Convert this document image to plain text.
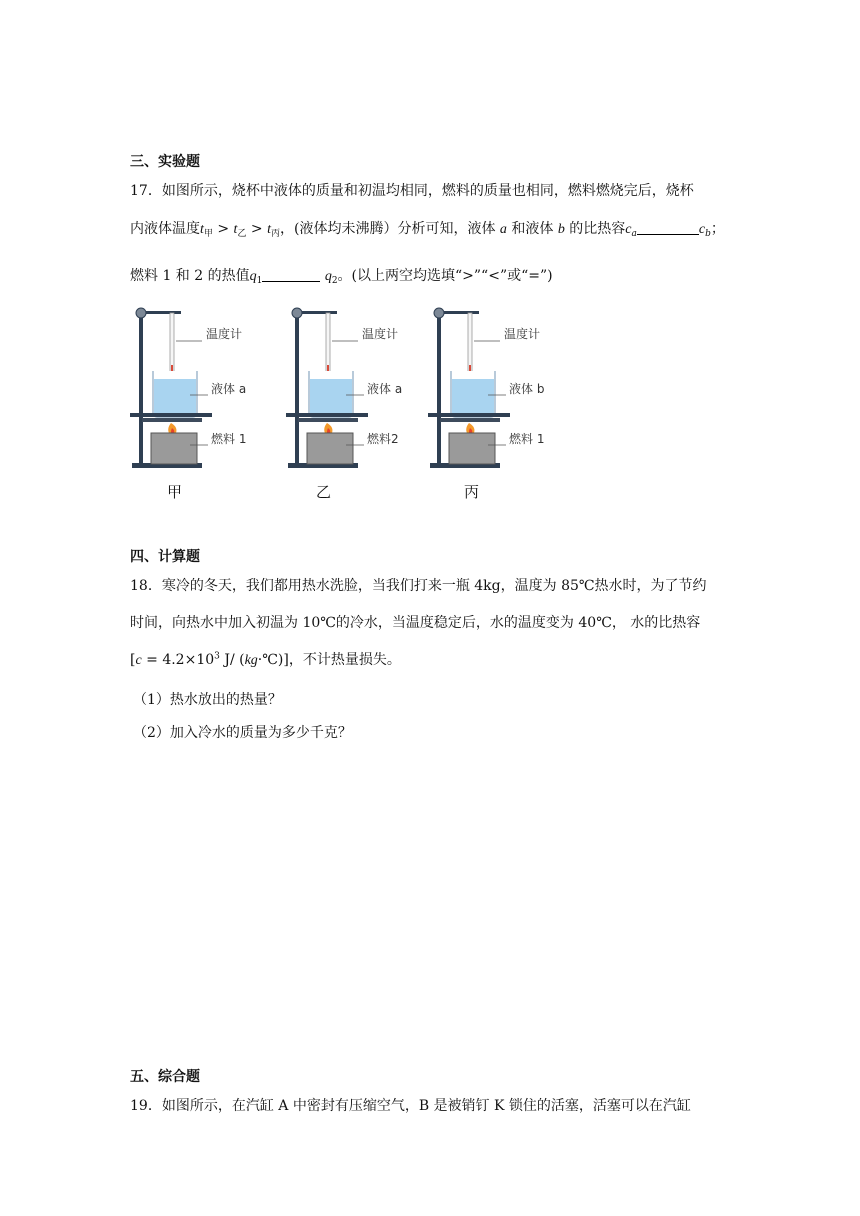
三、实验题
17．如图所示，烧杯中液体的质量和初温均相同，燃料的质量也相同，燃料燃烧完后，烧杯
内液体温度$t_甲 > t_乙 > t_丙$，(液体均未沸腾）分析可知，液体 a 和液体 b 的比热容$c_a$	$c_b$；
燃料 1 和 2 的热值$q_1$	$q_2$。(以上两空均选填“>”“<”或“=”)
温度计
液体 a
燃料 1
温度计
液体 a
燃料2
温度计
液体 b
燃料 1
甲	乙	丙
四、计算题
18．寒冷的冬天，我们都用热水洗脸，当我们打来一瓶 4kg，温度为 85℃热水时，为了节约
时间，向热水中加入初温为 10℃的冷水，当温度稳定后，水的温度变为 40℃， 水的比热容
[$c = 4.2\times 10^3$ J/ (kg·℃)]，不计热量损失。
（1）热水放出的热量？
（2）加入冷水的质量为多少千克？
五、综合题
19．如图所示，在汽缸 A 中密封有压缩空气，B 是被销钉 K 锁住的活塞，活塞可以在汽缸
